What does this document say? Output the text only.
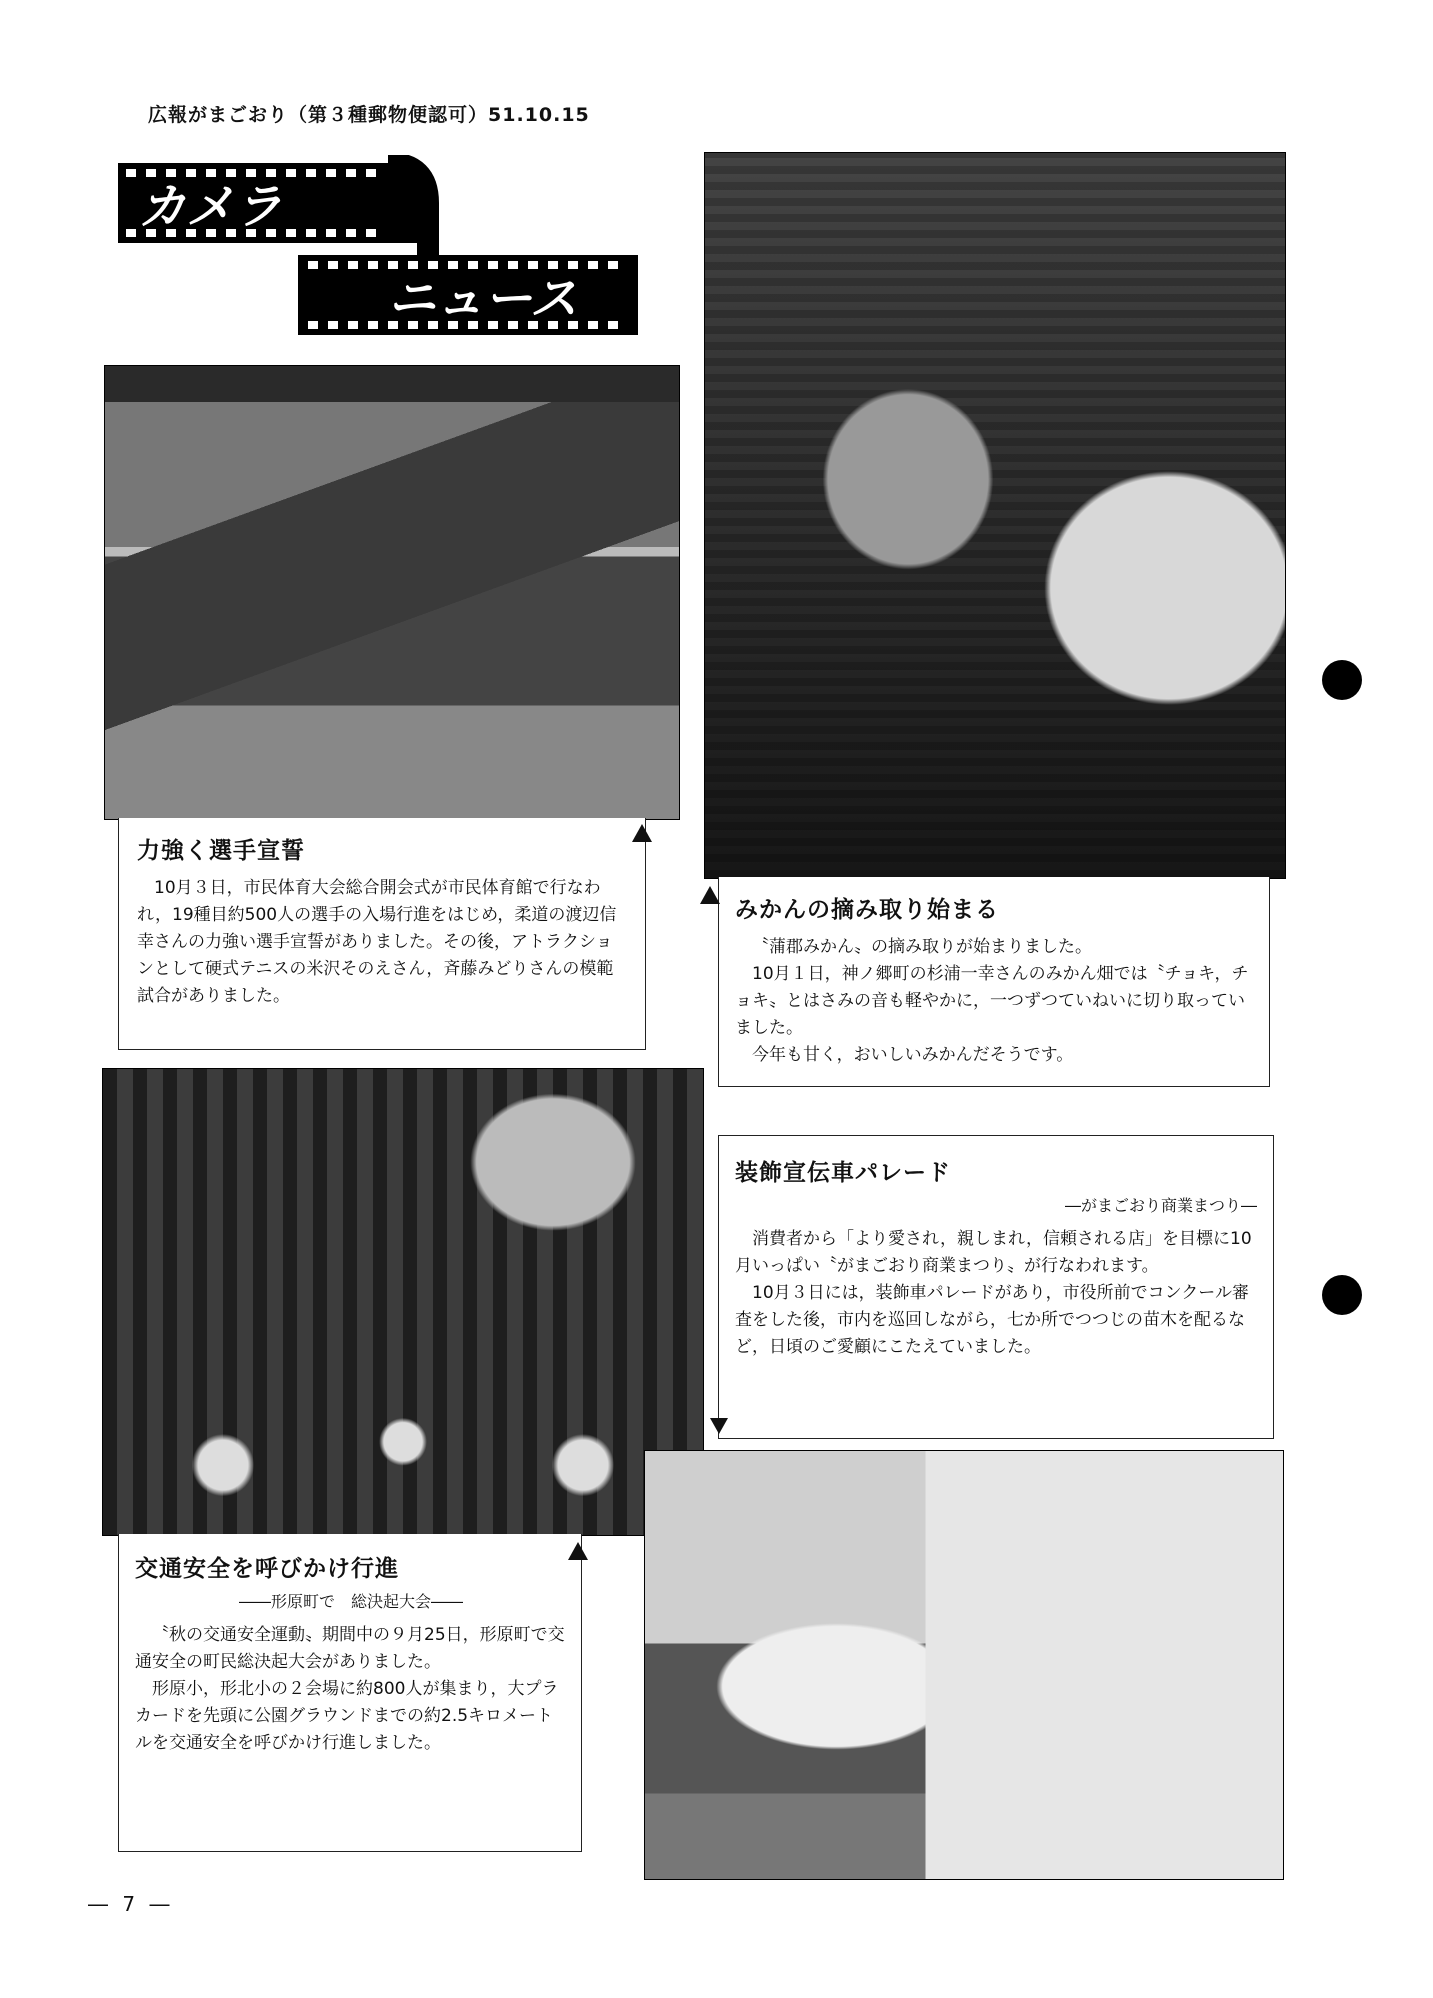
広報がまごおり（第３種郵物便認可）51.10.15
カメラ
ニュース
力強く選手宣誓

10月３日，市民体育大会総合開会式が市民体育館で行なわれ，19種目約500人の選手の入場行進をはじめ，柔道の渡辺信幸さんの力強い選手宣誓がありました。その後，アトラクションとして硬式テニスの米沢そのえさん，斉藤みどりさんの模範試合がありました。

みかんの摘み取り始まる

〝蒲郡みかん〟の摘み取りが始まりました。

10月１日，神ノ郷町の杉浦一幸さんのみかん畑では〝チョキ，チョキ〟とはさみの音も軽やかに，一つずつていねいに切り取っていました。

今年も甘く，おいしいみかんだそうです。

装飾宣伝車パレード
―がまごおり商業まつり―

消費者から「より愛され，親しまれ，信頼される店」を目標に10月いっぱい〝がまごおり商業まつり〟が行なわれます。

10月３日には，装飾車パレードがあり，市役所前でコンクール審査をした後，市内を巡回しながら，七か所でつつじの苗木を配るなど，日頃のご愛顧にこたえていました。

交通安全を呼びかけ行進
――形原町で　総決起大会――

〝秋の交通安全運動〟期間中の９月25日，形原町で交通安全の町民総決起大会がありました。

形原小，形北小の２会場に約800人が集まり，大プラカードを先頭に公園グラウンドまでの約2.5キロメートルを交通安全を呼びかけ行進しました。

― 7 ―
